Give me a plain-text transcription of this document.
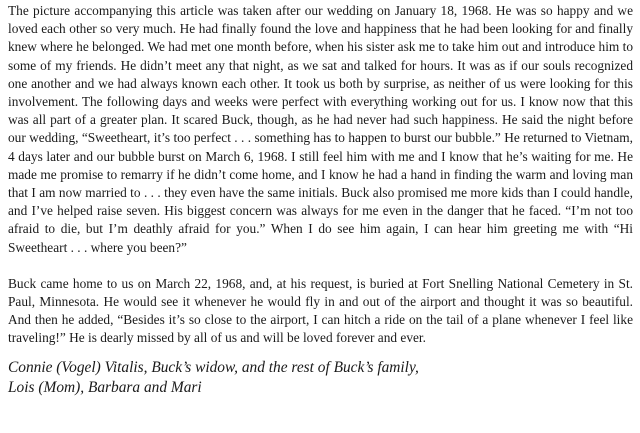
The picture accompanying this article was taken after our wedding on January 18, 1968. He was so happy and we loved each other so very much. He had finally found the love and happiness that he had been looking for and finally knew where he belonged. We had met one month before, when his sister ask me to take him out and introduce him to some of my friends. He didn’t meet any that night, as we sat and talked for hours. It was as if our souls recognized one another and we had always known each other. It took us both by surprise, as neither of us were looking for this involvement. The following days and weeks were perfect with everything working out for us. I know now that this was all part of a greater plan. It scared Buck, though, as he had never had such happiness. He said the night before our wedding, “Sweetheart, it’s too perfect . . . something has to happen to burst our bubble.” He returned to Vietnam, 4 days later and our bubble burst on March 6, 1968. I still feel him with me and I know that he’s waiting for me. He made me promise to remarry if he didn’t come home, and I know he had a hand in finding the warm and loving man that I am now married to . . . they even have the same initials. Buck also promised me more kids than I could handle, and I’ve helped raise seven. His biggest concern was always for me even in the danger that he faced. “I’m not too afraid to die, but I’m deathly afraid for you.” When I do see him again, I can hear him greeting me with “Hi Sweetheart . . . where you been?”

Buck came home to us on March 22, 1968, and, at his request, is buried at Fort Snelling National Cemetery in St. Paul, Minnesota. He would see it whenever he would fly in and out of the airport and thought it was so beautiful. And then he added, “Besides it’s so close to the airport, I can hitch a ride on the tail of a plane whenever I feel like traveling!” He is dearly missed by all of us and will be loved forever and ever.

Connie (Vogel) Vitalis, Buck’s widow, and the rest of Buck’s family,

Lois (Mom), Barbara and Mari
